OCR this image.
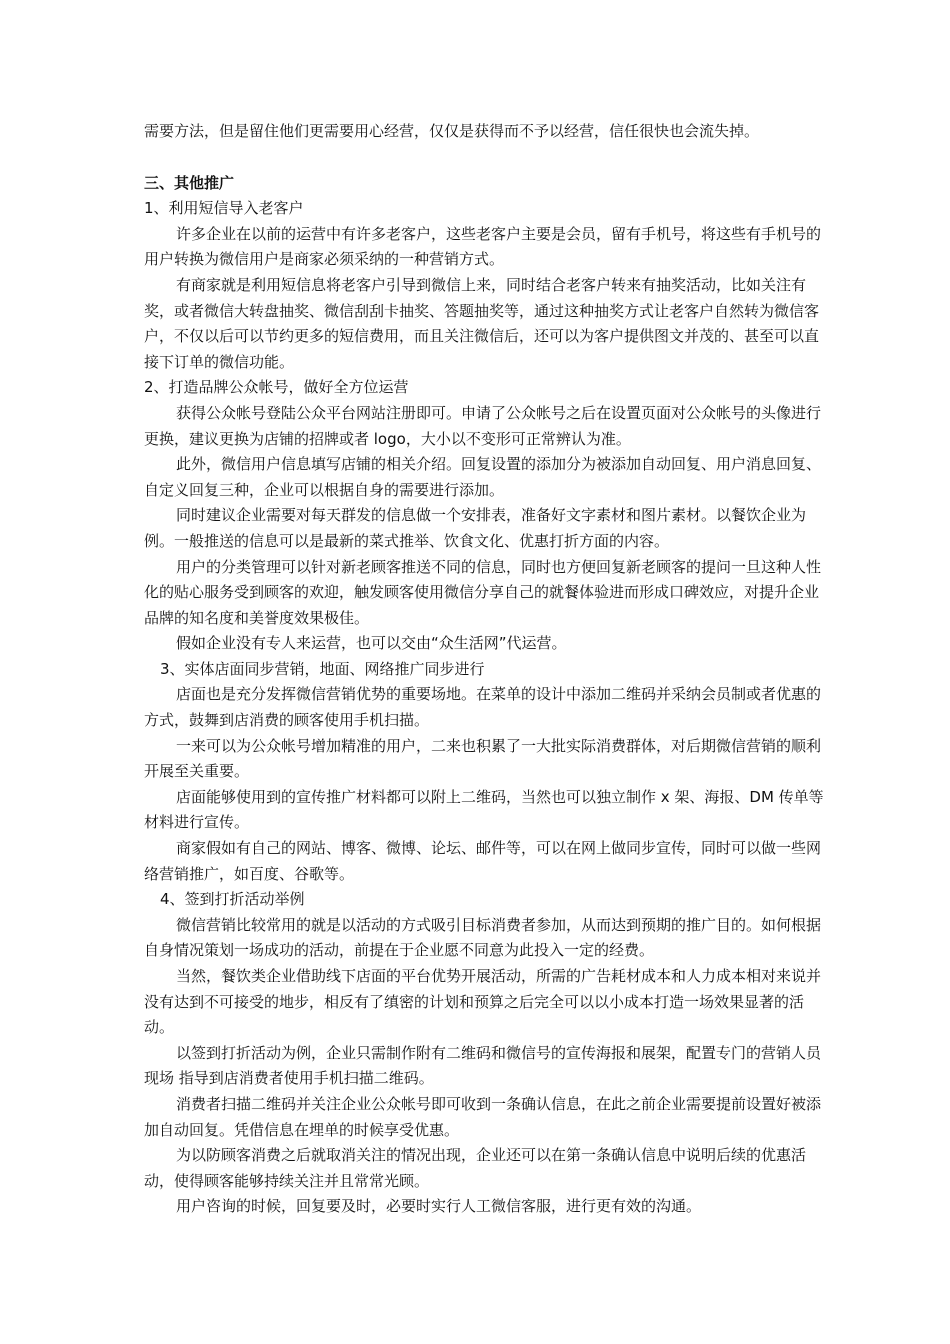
需要方法，但是留住他们更需要用心经营，仅仅是获得而不予以经营，信任很快也会流失掉。

三、其他推广

1、利用短信导入老客户

许多企业在以前的运营中有许多老客户，这些老客户主要是会员，留有手机号，将这些有手机号的用户转换为微信用户是商家必须采纳的一种营销方式。

有商家就是利用短信息将老客户引导到微信上来，同时结合老客户转来有抽奖活动，比如关注有奖，或者微信大转盘抽奖、微信刮刮卡抽奖、答题抽奖等，通过这种抽奖方式让老客户自然转为微信客户，不仅以后可以节约更多的短信费用，而且关注微信后，还可以为客户提供图文并茂的、甚至可以直接下订单的微信功能。

2、打造品牌公众帐号，做好全方位运营

获得公众帐号登陆公众平台网站注册即可。申请了公众帐号之后在设置页面对公众帐号的头像进行更换，建议更换为店铺的招牌或者 logo，大小以不变形可正常辨认为准。

此外，微信用户信息填写店铺的相关介绍。回复设置的添加分为被添加自动回复、用户消息回复、自定义回复三种，企业可以根据自身的需要进行添加。

同时建议企业需要对每天群发的信息做一个安排表，准备好文字素材和图片素材。以餐饮企业为例。一般推送的信息可以是最新的菜式推举、饮食文化、优惠打折方面的内容。

用户的分类管理可以针对新老顾客推送不同的信息，同时也方便回复新老顾客的提问一旦这种人性化的贴心服务受到顾客的欢迎，触发顾客使用微信分享自己的就餐体验进而形成口碑效应，对提升企业品牌的知名度和美誉度效果极佳。

假如企业没有专人来运营，也可以交由“众生活网”代运营。

3、实体店面同步营销，地面、网络推广同步进行

店面也是充分发挥微信营销优势的重要场地。在菜单的设计中添加二维码并采纳会员制或者优惠的方式，鼓舞到店消费的顾客使用手机扫描。

一来可以为公众帐号增加精准的用户，二来也积累了一大批实际消费群体，对后期微信营销的顺利开展至关重要。

店面能够使用到的宣传推广材料都可以附上二维码，当然也可以独立制作 x 架、海报、DM 传单等材料进行宣传。

商家假如有自己的网站、博客、微博、论坛、邮件等，可以在网上做同步宣传，同时可以做一些网络营销推广，如百度、谷歌等。

4、签到打折活动举例

微信营销比较常用的就是以活动的方式吸引目标消费者参加，从而达到预期的推广目的。如何根据自身情况策划一场成功的活动，前提在于企业愿不同意为此投入一定的经费。

当然，餐饮类企业借助线下店面的平台优势开展活动，所需的广告耗材成本和人力成本相对来说并没有达到不可接受的地步，相反有了缜密的计划和预算之后完全可以以小成本打造一场效果显著的活动。

以签到打折活动为例，企业只需制作附有二维码和微信号的宣传海报和展架，配置专门的营销人员现场 指导到店消费者使用手机扫描二维码。

消费者扫描二维码并关注企业公众帐号即可收到一条确认信息，在此之前企业需要提前设置好被添加自动回复。凭借信息在埋单的时候享受优惠。

为以防顾客消费之后就取消关注的情况出现，企业还可以在第一条确认信息中说明后续的优惠活动，使得顾客能够持续关注并且常常光顾。

用户咨询的时候，回复要及时，必要时实行人工微信客服，进行更有效的沟通。
